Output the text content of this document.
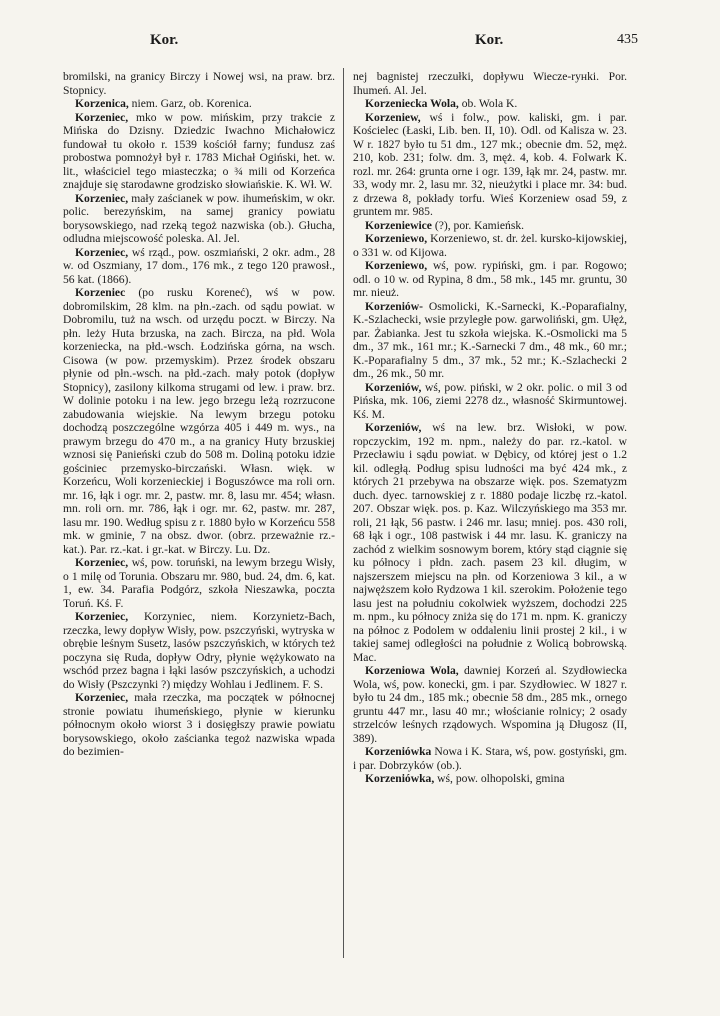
Kor.	Kor.	435

bromilski, na granicy Birczy i Nowej wsi, na praw. brz. Stopnicy.

Korzenica, niem. Garz, ob. Korenica.

Korzeniec, mko w pow. mińskim, przy trakcie z Mińska do Dzisny. Dziedzic Iwachno Michałowicz fundował tu około r. 1539 kościół farny; fundusz zaś probostwa pomnożył był r. 1783 Michał Ogiński, het. w. lit., właściciel tego miasteczka; o ¾ mili od Korzeńca znajduje się starodawne grodzisko słowiańskie. K. Wł. W.

Korzeniec, mały zaścianek w pow. ihumeńskim, w okr. polic. berezyńskim, na samej granicy powiatu borysowskiego, nad rzeką tegoż nazwiska (ob.). Głucha, odludna miejscowość poleska. Al. Jel.

Korzeniec, wś rząd., pow. oszmiański, 2 okr. adm., 28 w. od Oszmiany, 17 dom., 176 mk., z tego 120 prawosł., 56 kat. (1866).

Korzeniec (po rusku Koreneć), wś w pow. dobromilskim, 28 klm. na płn.-zach. od sądu powiat. w Dobromilu, tuż na wsch. od urzędu poczt. w Birczy. Na płn. leży Huta brzuska, na zach. Bircza, na płd. Wola korzeniecka, na płd.-wsch. Łodzińska górna, na wsch. Cisowa (w pow. przemyskim). Przez środek obszaru płynie od płn.-wsch. na płd.-zach. mały potok (dopływ Stopnicy), zasilony kilkoma strugami od lew. i praw. brz. W dolinie potoku i na lew. jego brzegu leżą rozrzucone zabudowania wiejskie. Na lewym brzegu potoku dochodzą poszczególne wzgórza 405 i 449 m. wys., na prawym brzegu do 470 m., a na granicy Huty brzuskiej wznosi się Panieński czub do 508 m. Doliną potoku idzie gościniec przemysko-birczański. Własn. więk. w Korzeńcu, Woli korzenieckiej i Boguszówce ma roli orn. mr. 16, łąk i ogr. mr. 2, pastw. mr. 8, lasu mr. 454; własn. mn. roli orn. mr. 786, łąk i ogr. mr. 62, pastw. mr. 287, lasu mr. 190. Według spisu z r. 1880 było w Korzeńcu 558 mk. w gminie, 7 na obsz. dwor. (obrz. przeważnie rz.-kat.). Par. rz.-kat. i gr.-kat. w Birczy. Lu. Dz.

Korzeniec, wś, pow. toruński, na lewym brzegu Wisły, o 1 milę od Torunia. Obszaru mr. 980, bud. 24, dm. 6, kat. 1, ew. 34. Parafia Podgórz, szkoła Nieszawka, poczta Toruń. Kś. F.

Korzeniec, Korzyniec, niem. Korzynietz-Bach, rzeczka, lewy dopływ Wisły, pow. pszczyński, wytryska w obrębie leśnym Susetz, lasów pszczyńskich, w których też poczyna się Ruda, dopływ Odry, płynie wężykowato na wschód przez bagna i łąki lasów pszczyńskich, a uchodzi do Wisły (Pszczynki ?) między Wohlau i Jedlinem. F. S.

Korzeniec, mała rzeczka, ma początek w północnej stronie powiatu ihumeńskiego, płynie w kierunku północnym około wiorst 3 i dosięgłszy prawie powiatu borysowskiego, około zaścianka tegoż nazwiska wpada do bezimien-

nej bagnistej rzeczułki, dopływu Wiecze-ryнki. Por. Ihumeń. Al. Jel.

Korzeniecka Wola, ob. Wola K.

Korzeniew, wś i folw., pow. kaliski, gm. i par. Kościelec (Łaski, Lib. ben. II, 10). Odl. od Kalisza w. 23. W r. 1827 było tu 51 dm., 127 mk.; obecnie dm. 52, męż. 210, kob. 231; folw. dm. 3, męż. 4, kob. 4. Folwark K. rozl. mr. 264: grunta orne i ogr. 139, łąk mr. 24, pastw. mr. 33, wody mr. 2, lasu mr. 32, nieużytki i place mr. 34: bud. z drzewa 8, pokłady torfu. Wieś Korzeniew osad 59, z gruntem mr. 985.

Korzeniewice (?), por. Kamieńsk.

Korzeniewo, Korzeniewo, st. dr. żel. kursko-kijowskiej, o 331 w. od Kijowa.

Korzeniewo, wś, pow. rypiński, gm. i par. Rogowo; odl. o 10 w. od Rypina, 8 dm., 58 mk., 145 mr. gruntu, 30 mr. nieuż.

Korzeniów- Osmolicki, K.-Sarnecki, K.-Poparafialny, K.-Szlachecki, wsie przyległe pow. garwoliński, gm. Ułęż, par. Żabianka. Jest tu szkoła wiejska. K.-Osmolicki ma 5 dm., 37 mk., 161 mr.; K.-Sarnecki 7 dm., 48 mk., 60 mr.; K.-Poparafialny 5 dm., 37 mk., 52 mr.; K.-Szlachecki 2 dm., 26 mk., 50 mr.

Korzeniów, wś, pow. piński, w 2 okr. polic. o mil 3 od Pińska, mk. 106, ziemi 2278 dz., własność Skirmuntowej. Kś. M.

Korzeniów, wś na lew. brz. Wisłoki, w pow. ropczyckim, 192 m. npm., należy do par. rz.-katol. w Przecławiu i sądu powiat. w Dębicy, od której jest o 1.2 kil. odległą. Podług spisu ludności ma być 424 mk., z których 21 przebywa na obszarze więk. pos. Szematyzm duch. dyec. tarnowskiej z r. 1880 podaje liczbę rz.-katol. 207. Obszar więk. pos. p. Kaz. Wilczyńskiego ma 353 mr. roli, 21 łąk, 56 pastw. i 246 mr. lasu; mniej. pos. 430 roli, 68 łąk i ogr., 108 pastwisk i 44 mr. lasu. K. graniczy na zachód z wielkim sosnowym borem, który stąd ciągnie się ku północy i płdn. zach. pasem 23 kil. długim, w najszerszem miejscu na płn. od Korzeniowa 3 kil., a w najwęższem koło Rydzowa 1 kil. szerokim. Położenie tego lasu jest na południu cokolwiek wyższem, dochodzi 225 m. npm., ku północy zniża się do 171 m. npm. K. graniczy na północ z Podolem w oddaleniu linii prostej 2 kil., i w takiej samej odległości na południe z Wolicą bobrowską. Mac.

Korzeniowa Wola, dawniej Korzeń al. Szydłowiecka Wola, wś, pow. konecki, gm. i par. Szydłowiec. W 1827 r. było tu 24 dm., 185 mk.; obecnie 58 dm., 285 mk., ornego gruntu 447 mr., lasu 40 mr.; włościanie rolnicy; 2 osady strzelców leśnych rządowych. Wspomina ją Długosz (II, 389).

Korzeniówka Nowa i K. Stara, wś, pow. gostyński, gm. i par. Dobrzyków (ob.).

Korzeniówka, wś, pow. olhopolski, gmina
